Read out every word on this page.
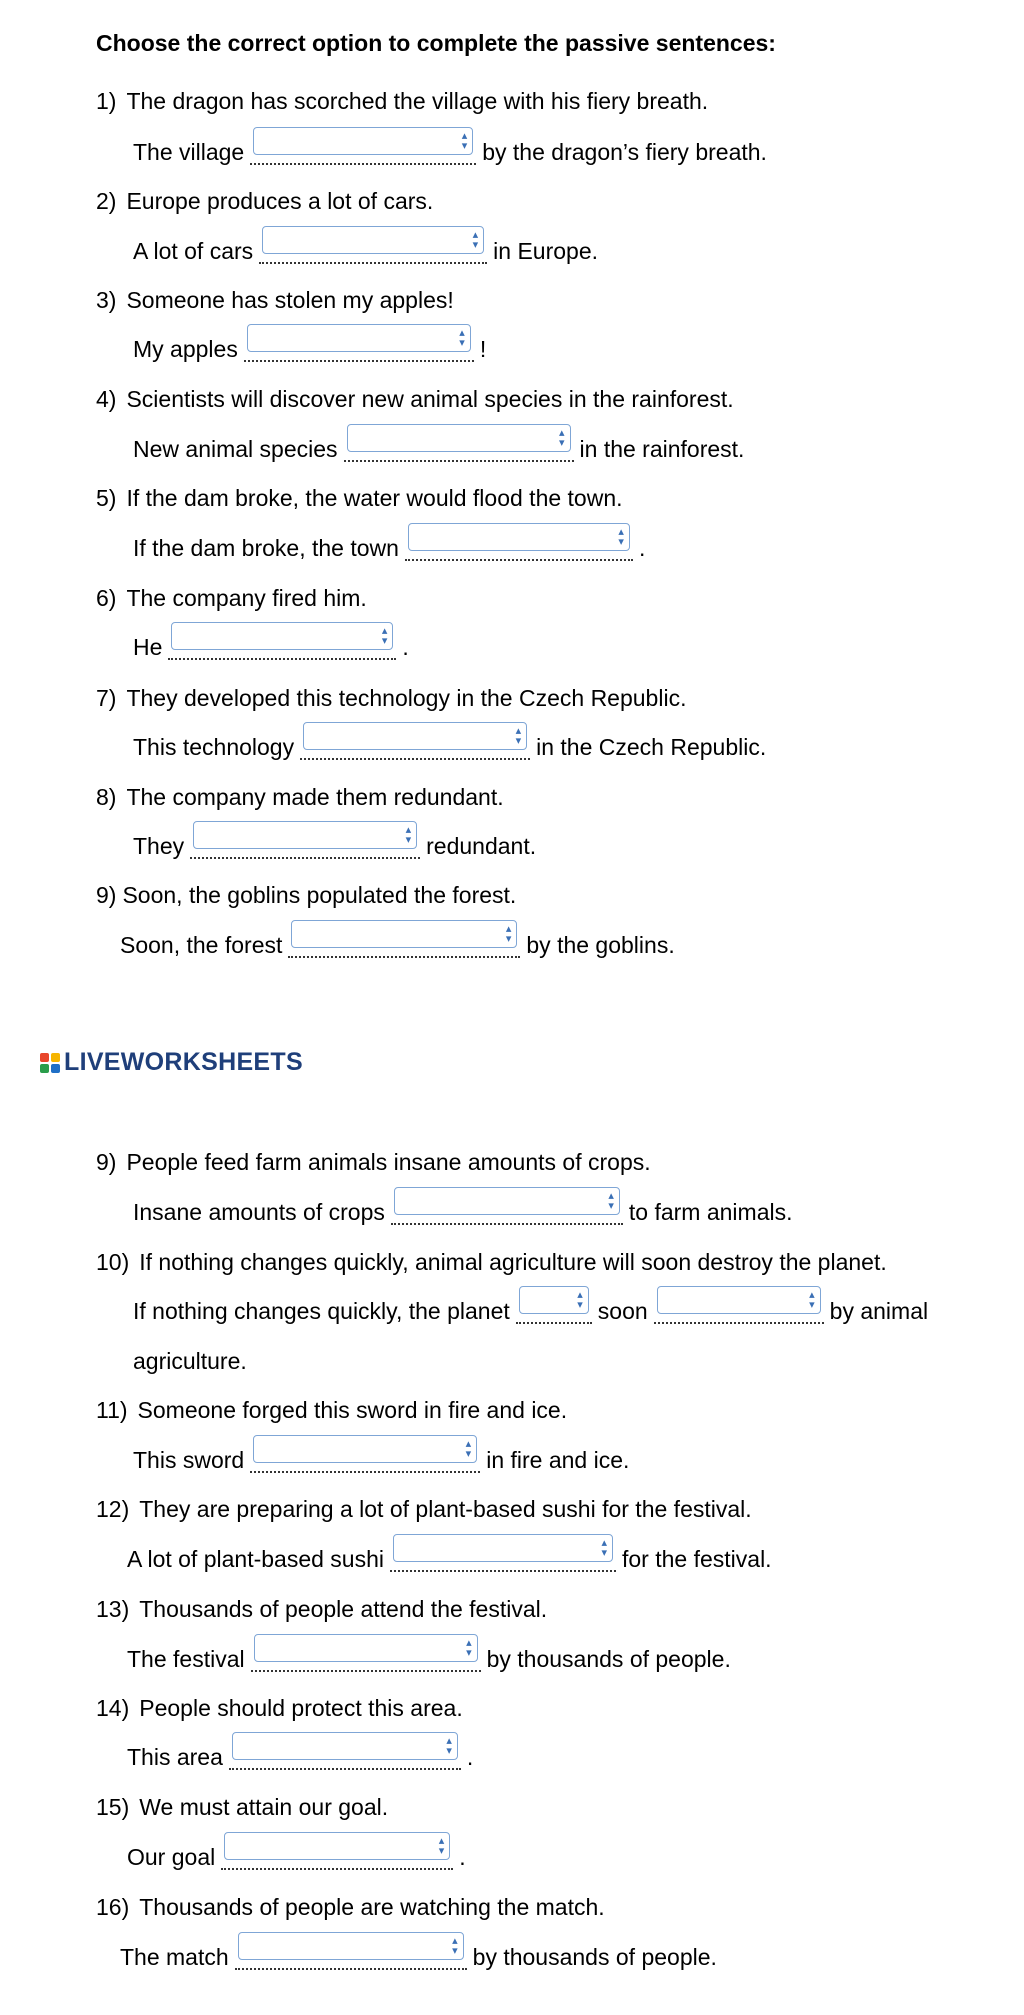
Choose the correct option to complete the passive sentences:
1) The dragon has scorched the village with his fiery breath.
The village
▴
▾ by the dragon’s fiery breath.
2) Europe produces a lot of cars.
A lot of cars
▴
▾ in Europe.
3) Someone has stolen my apples!
My apples
▴
▾ !
4) Scientists will discover new animal species in the rainforest.
New animal species
▴
▾ in the rainforest.
5) If the dam broke, the water would flood the town.
If the dam broke, the town
▴
▾ .
6) The company fired him.
He
▴
▾ .
7) They developed this technology in the Czech Republic.
This technology
▴
▾ in the Czech Republic.
8) The company made them redundant.
They
▴
▾ redundant.
9) Soon, the goblins populated the forest.
Soon, the forest
▴
▾ by the goblins.
LIVEWORKSHEETS
9) People feed farm animals insane amounts of crops.
Insane amounts of crops
▴
▾ to farm animals.
10) If nothing changes quickly, animal agriculture will soon destroy the planet.
If nothing changes quickly, the planet
▴
▾ soon
▴
▾ by animal
agriculture.
11) Someone forged this sword in fire and ice.
This sword
▴
▾ in fire and ice.
12) They are preparing a lot of plant-based sushi for the festival.
A lot of plant-based sushi
▴
▾ for the festival.
13) Thousands of people attend the festival.
The festival
▴
▾ by thousands of people.
14) People should protect this area.
This area
▴
▾ .
15) We must attain our goal.
Our goal
▴
▾ .
16) Thousands of people are watching the match.
The match
▴
▾ by thousands of people.
